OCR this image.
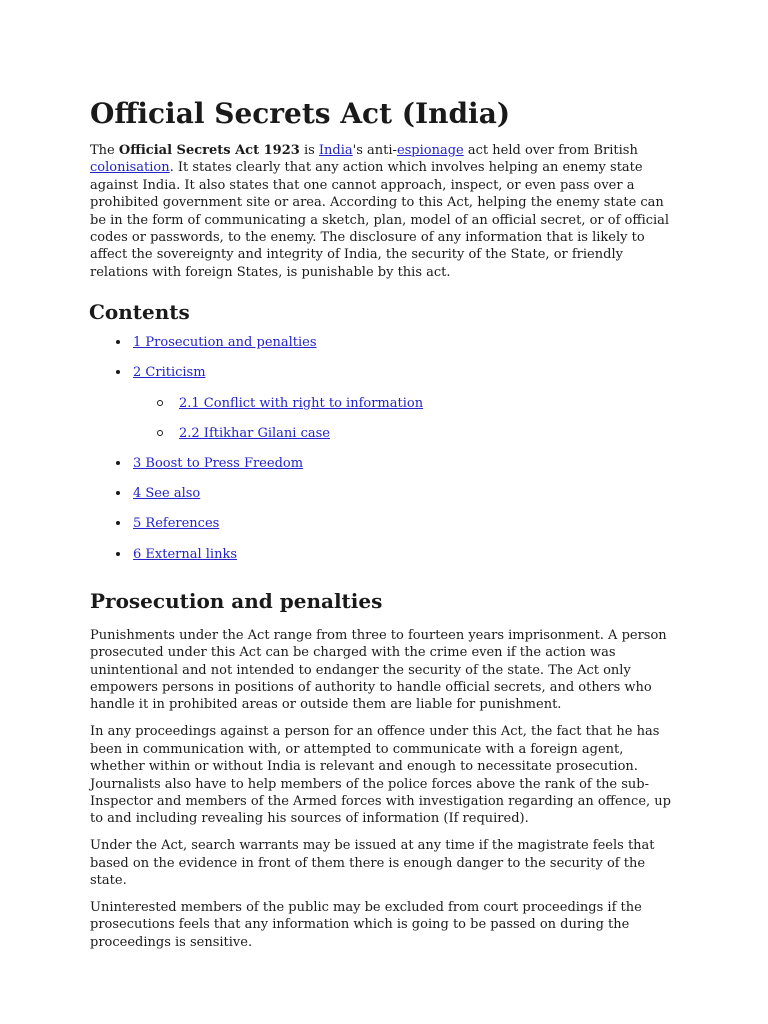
Official Secrets Act (India)

The Official Secrets Act 1923 is India's anti-espionage act held over from British colonisation. It states clearly that any action which involves helping an enemy state against India. It also states that one cannot approach, inspect, or even pass over a prohibited government site or area. According to this Act, helping the enemy state can be in the form of communicating a sketch, plan, model of an official secret, or of official codes or passwords, to the enemy. The disclosure of any information that is likely to affect the sovereignty and integrity of India, the security of the State, or friendly relations with foreign States, is punishable by this act.

Contents
1 Prosecution and penalties
2 Criticism
2.1 Conflict with right to information
2.2 Iftikhar Gilani case
3 Boost to Press Freedom
4 See also
5 References
6 External links
Prosecution and penalties

Punishments under the Act range from three to fourteen years imprisonment. A person prosecuted under this Act can be charged with the crime even if the action was unintentional and not intended to endanger the security of the state. The Act only empowers persons in positions of authority to handle official secrets, and others who handle it in prohibited areas or outside them are liable for punishment.

In any proceedings against a person for an offence under this Act, the fact that he has been in communication with, or attempted to communicate with a foreign agent, whether within or without India is relevant and enough to necessitate prosecution. Journalists also have to help members of the police forces above the rank of the sub-Inspector and members of the Armed forces with investigation regarding an offence, up to and including revealing his sources of information (If required).

Under the Act, search warrants may be issued at any time if the magistrate feels that based on the evidence in front of them there is enough danger to the security of the state.

Uninterested members of the public may be excluded from court proceedings if the prosecutions feels that any information which is going to be passed on during the proceedings is sensitive.
